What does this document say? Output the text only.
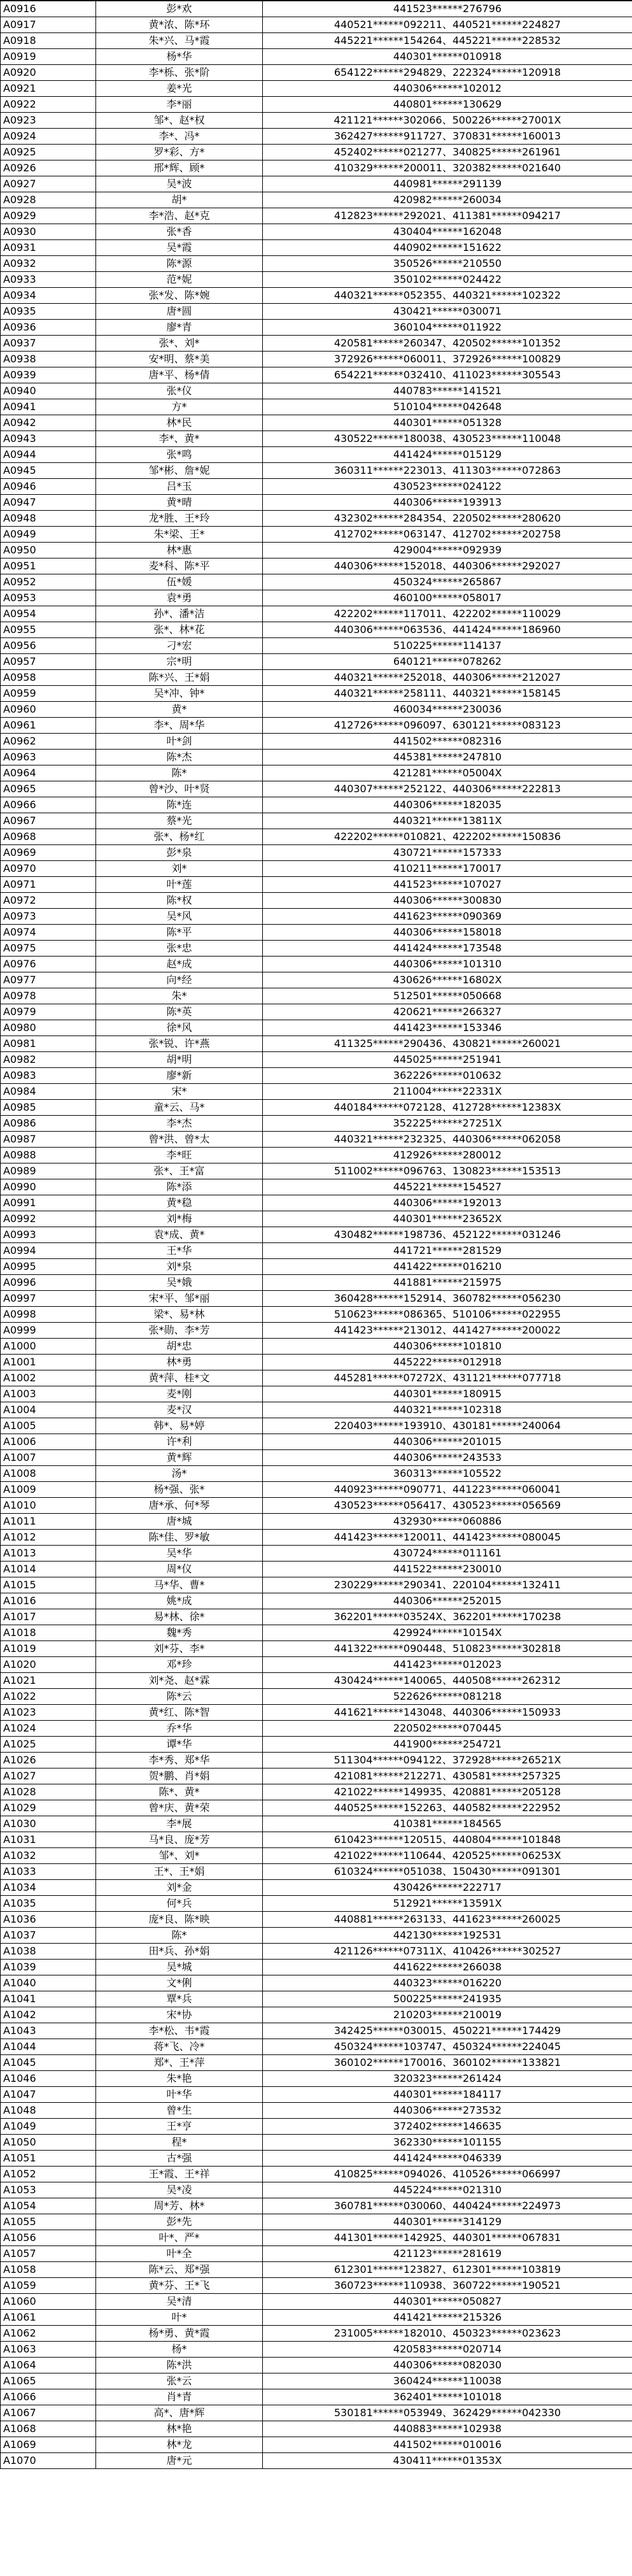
A0916	彭*欢	441523******276796
A0917	黄*浓、陈*环	440521******092211、440521******224827
A0918	朱*兴、马*霞	445221******154264、445221******228532
A0919	杨*华	440301******010918
A0920	李*栎、张*阶	654122******294829、222324******120918
A0921	姜*光	440306******102012
A0922	李*丽	440801******130629
A0923	邹*、赵*权	421121******302066、500226******27001X
A0924	李*、冯*	362427******911727、370831******160013
A0925	罗*彩、方*	452402******021277、340825******261961
A0926	邢*辉、顾*	410329******200011、320382******021640
A0927	吴*波	440981******291139
A0928	胡*	420982******260034
A0929	李*浩、赵*克	412823******292021、411381******094217
A0930	张*香	430404******162048
A0931	吴*霞	440902******151622
A0932	陈*源	350526******210550
A0933	范*妮	350102******024422
A0934	张*发、陈*婉	440321******052355、440321******102322
A0935	唐*圆	430421******030071
A0936	廖*青	360104******011922
A0937	张*、刘*	420581******260347、420502******101352
A0938	安*明、蔡*美	372926******060011、372926******100829
A0939	唐*平、杨*倩	654221******032410、411023******305543
A0940	张*仪	440783******141521
A0941	方*	510104******042648
A0942	林*民	440301******051328
A0943	李*、黄*	430522******180038、430523******110048
A0944	张*鸣	441424******015129
A0945	邹*彬、詹*妮	360311******223013、411303******072863
A0946	吕*玉	430523******024122
A0947	黄*晴	440306******193913
A0948	龙*胜、王*玲	432302******284354、220502******280620
A0949	朱*梁、王*	412702******063147、412702******202758
A0950	林*惠	429004******092939
A0951	麦*科、陈*平	440306******152018、440306******292027
A0952	伍*媛	450324******265867
A0953	袁*勇	460100******058017
A0954	孙*、潘*洁	422202******117011、422202******110029
A0955	张*、林*花	440306******063536、441424******186960
A0956	刁*宏	510225******114137
A0957	宗*明	640121******078262
A0958	陈*兴、王*娟	440321******252018、440306******212027
A0959	吴*冲、钟*	440321******258111、440321******158145
A0960	黄*	460034******230036
A0961	李*、周*华	412726******096097、630121******083123
A0962	叶*剑	441502******082316
A0963	陈*杰	445381******247810
A0964	陈*	421281******05004X
A0965	曾*沙、叶*贤	440307******252122、440306******222813
A0966	陈*连	440306******182035
A0967	蔡*光	440321******13811X
A0968	张*、杨*红	422202******010821、422202******150836
A0969	彭*泉	430721******157333
A0970	刘*	410211******170017
A0971	叶*莲	441523******107027
A0972	陈*权	440306******300830
A0973	吴*风	441623******090369
A0974	陈*平	440306******158018
A0975	张*忠	441424******173548
A0976	赵*成	440306******101310
A0977	向*经	430626******16802X
A0978	朱*	512501******050668
A0979	陈*英	420621******266327
A0980	徐*风	441423******153346
A0981	张*锐、许*燕	411325******290436、430821******260021
A0982	胡*明	445025******251941
A0983	廖*新	362226******010632
A0984	宋*	211004******22331X
A0985	童*云、马*	440184******072128、412728******12383X
A0986	李*杰	352225******27251X
A0987	曾*洪、曾*太	440321******232325、440306******062058
A0988	李*旺	412926******280012
A0989	张*、王*富	511002******096763、130823******153513
A0990	陈*添	445221******154527
A0991	黄*稳	440306******192013
A0992	刘*梅	440301******23652X
A0993	袁*成、黄*	430482******198736、452122******031246
A0994	王*华	441721******281529
A0995	刘*泉	441422******016210
A0996	吴*娥	441881******215975
A0997	宋*平、邹*丽	360428******152914、360782******056230
A0998	梁*、易*林	510623******086365、510106******022955
A0999	张*勋、李*芳	441423******213012、441427******200022
A1000	胡*忠	440306******101810
A1001	林*勇	445222******012918
A1002	黄*萍、桂*文	445281******07272X、431121******077718
A1003	麦*刚	440301******180915
A1004	麦*汉	440321******102318
A1005	韩*、易*婷	220403******193910、430181******240064
A1006	许*利	440306******201015
A1007	黄*辉	440306******243533
A1008	汤*	360313******105522
A1009	杨*强、张*	440923******090771、441223******060041
A1010	唐*承、何*琴	430523******056417、430523******056569
A1011	唐*城	432930******060886
A1012	陈*佳、罗*敏	441423******120011、441423******080045
A1013	吴*华	430724******011161
A1014	周*仪	441522******230010
A1015	马*华、曹*	230229******290341、220104******132411
A1016	姚*成	440306******252015
A1017	易*林、徐*	362201******03524X、362201******170238
A1018	魏*秀	429924******10154X
A1019	刘*芬、李*	441322******090448、510823******302818
A1020	邓*珍	441423******012023
A1021	刘*尧、赵*霖	430424******140065、440508******262312
A1022	陈*云	522626******081218
A1023	黄*红、陈*智	441621******143048、440306******150933
A1024	乔*华	220502******070445
A1025	谭*华	441900******254721
A1026	李*秀、郑*华	511304******094122、372928******26521X
A1027	贺*鹏、肖*娟	421081******212271、430581******257325
A1028	陈*、黄*	421022******149935、420881******205128
A1029	曾*庆、黄*荣	440525******152263、440582******222952
A1030	李*展	410381******184565
A1031	马*良、庞*芳	610423******120515、440804******101848
A1032	邹*、刘*	421022******110644、420525******06253X
A1033	王*、王*娟	610324******051038、150430******091301
A1034	刘*金	430426******222717
A1035	何*兵	512921******13591X
A1036	庞*良、陈*映	440881******263133、441623******260025
A1037	陈*	442130******192531
A1038	田*兵、孙*娟	421126******07311X、410426******302527
A1039	吴*城	441622******266038
A1040	文*俐	440323******016220
A1041	覃*兵	500225******241935
A1042	宋*协	210203******210019
A1043	李*松、韦*霞	342425******030015、450221******174429
A1044	蒋*飞、冷*	450324******103747、450324******224045
A1045	郑*、王*萍	360102******170016、360102******133821
A1046	朱*艳	320323******261424
A1047	叶*华	440301******184117
A1048	曾*生	440306******273532
A1049	王*亨	372402******146635
A1050	程*	362330******101155
A1051	古*强	441424******046339
A1052	王*霞、王*祥	410825******094026、410526******066997
A1053	吴*凌	445224******021310
A1054	周*芳、林*	360781******030060、440424******224973
A1055	彭*先	440301******314129
A1056	叶*、严*	441301******142925、440301******067831
A1057	叶*全	421123******281619
A1058	陈*云、郑*强	612301******123827、612301******103819
A1059	黄*芬、王*飞	360723******110938、360722******190521
A1060	吴*清	440301******050827
A1061	叶*	441421******215326
A1062	杨*勇、黄*霞	231005******182010、450323******023623
A1063	杨*	420583******020714
A1064	陈*洪	440306******082030
A1065	张*云	360424******110038
A1066	肖*青	362401******101018
A1067	高*、唐*辉	530181******053949、362429******042330
A1068	林*艳	440883******102938
A1069	林*龙	441502******010016
A1070	唐*元	430411******01353X
